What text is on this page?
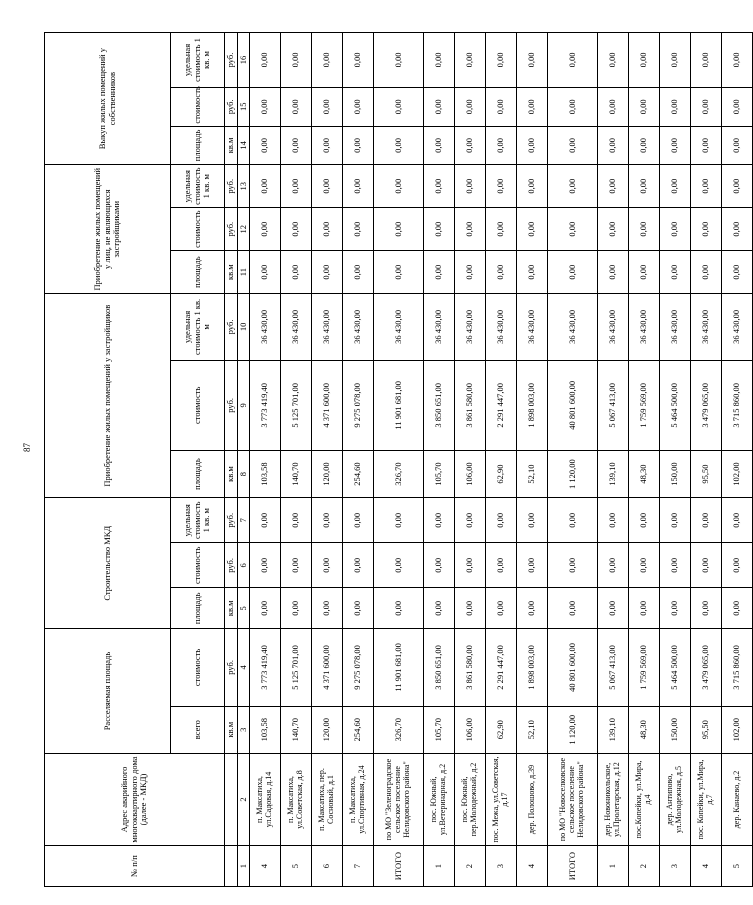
87
№ п/п	Адрес аварийного многоквартирного дома (далее - МКД)	Расселяемая площадь		Строительство МКД			Приобретение жилых помещений у застройщиков			Приобретение жилых помещений у лиц, не являющихся застройщиками			Выкуп жилых помещений у собственников		
		всего	стоимость	площадь	стоимость	удельная стоимость 1 кв. м	площадь	стоимость	удельная стоимость 1 кв. м	площадь	стоимость	удельная стоимость 1 кв. м	площадь	стоимость	удельная стоимость 1 кв. м
		кв.м	руб.	кв.м	руб.	руб.	кв.м	руб.	руб.	кв.м	руб.	руб.	кв.м	руб.	руб.
1	2	3	4	5	6	7	8	9	10	11	12	13	14	15	16
4	п. Максатиха, ул.Садовая, д.14	103,58	3 773 419,40	0,00	0,00	0,00	103,58	3 773 419,40	36 430,00	0,00	0,00	0,00	0,00	0,00	0,00
5	п. Максатиха, ул.Советская, д.8	140,70	5 125 701,00	0,00	0,00	0,00	140,70	5 125 701,00	36 430,00	0,00	0,00	0,00	0,00	0,00	0,00
6	п. Максатиха, пер. Сосновый, д.1	120,00	4 371 600,00	0,00	0,00	0,00	120,00	4 371 600,00	36 430,00	0,00	0,00	0,00	0,00	0,00	0,00
7	п. Максатиха, ул.Спортивная, д.24	254,60	9 275 078,00	0,00	0,00	0,00	254,60	9 275 078,00	36 430,00	0,00	0,00	0,00	0,00	0,00	0,00
ИТОГО	по МО "Зеленоградское сельское поселение Нелидовского района"	326,70	11 901 681,00	0,00	0,00	0,00	326,70	11 901 681,00	36 430,00	0,00	0,00	0,00	0,00	0,00	0,00
1	пос. Южный, ул.Ветеринарная, д.2	105,70	3 850 651,00	0,00	0,00	0,00	105,70	3 850 651,00	36 430,00	0,00	0,00	0,00	0,00	0,00	0,00
2	пос. Южный, пер.Молодежный, д.2	106,00	3 861 580,00	0,00	0,00	0,00	106,00	3 861 580,00	36 430,00	0,00	0,00	0,00	0,00	0,00	0,00
3	пос. Межа, ул.Советская, д.17	62,90	2 291 447,00	0,00	0,00	0,00	62,90	2 291 447,00	36 430,00	0,00	0,00	0,00	0,00	0,00	0,00
4	дер. Полошово, д.39	52,10	1 898 003,00	0,00	0,00	0,00	52,10	1 898 003,00	36 430,00	0,00	0,00	0,00	0,00	0,00	0,00
ИТОГО	по МО "Новоселковское сельское поселение Нелидовского района"	1 120,00	40 801 600,00	0,00	0,00	0,00	1 120,00	40 801 600,00	36 430,00	0,00	0,00	0,00	0,00	0,00	0,00
1	дер. Новоникольское, ул.Пролетарская, д.12	139,10	5 067 413,00	0,00	0,00	0,00	139,10	5 067 413,00	36 430,00	0,00	0,00	0,00	0,00	0,00	0,00
2	пос.Копейки, ул.Мира, д.4	48,30	1 759 569,00	0,00	0,00	0,00	48,30	1 759 569,00	36 430,00	0,00	0,00	0,00	0,00	0,00	0,00
3	дер. Антипово, ул.Молодежная, д.5	150,00	5 464 500,00	0,00	0,00	0,00	150,00	5 464 500,00	36 430,00	0,00	0,00	0,00	0,00	0,00	0,00
4	пос. Копейки, ул.Мира, д.7	95,50	3 479 065,00	0,00	0,00	0,00	95,50	3 479 065,00	36 430,00	0,00	0,00	0,00	0,00	0,00	0,00
5	дер. Канаево, д.2	102,00	3 715 860,00	0,00	0,00	0,00	102,00	3 715 860,00	36 430,00	0,00	0,00	0,00	0,00	0,00	0,00
